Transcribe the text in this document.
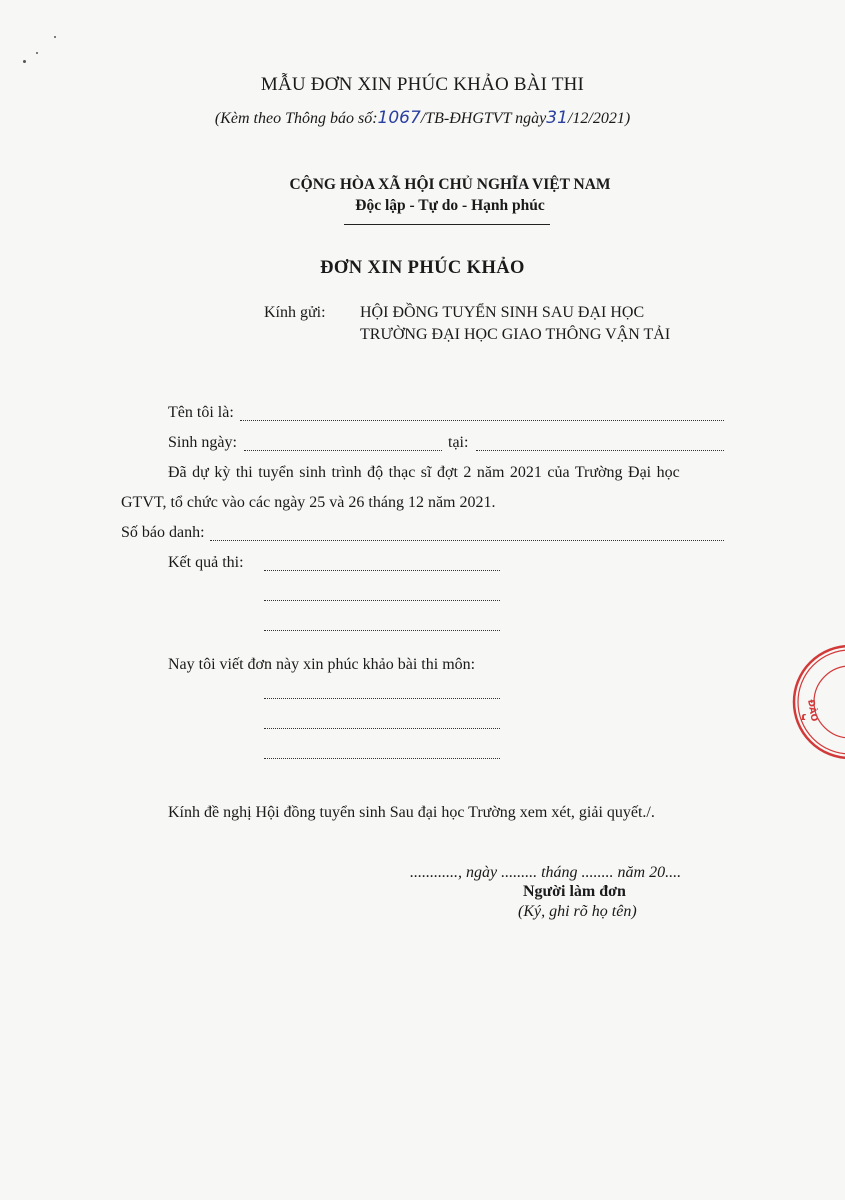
MẪU ĐƠN XIN PHÚC KHẢO BÀI THI
(Kèm theo Thông báo số:1067/TB-ĐHGTVT ngày31/12/2021)
CỘNG HÒA XÃ HỘI CHỦ NGHĨA VIỆT NAM
Độc lập - Tự do - Hạnh phúc
ĐƠN XIN PHÚC KHẢO
Kính gửi: HỘI ĐỒNG TUYỂN SINH SAU ĐẠI HỌC
TRƯỜNG ĐẠI HỌC GIAO THÔNG VẬN TẢI
Tên tôi là:
Sinh ngày:	tại:
Đã dự kỳ thi tuyển sinh trình độ thạc sĩ đợt 2 năm 2021 của Trường Đại học
GTVT, tổ chức vào các ngày 25 và 26 tháng 12 năm 2021.
Số báo danh:
Kết quả thi:
Nay tôi viết đơn này xin phúc khảo bài thi môn:
Kính đề nghị Hội đồng tuyển sinh Sau đại học Trường xem xét, giải quyết./.
............, ngày ......... tháng ........ năm 20....
Người làm đơn
(Ký, ghi rõ họ tên)
ĐÀO
ɾ
